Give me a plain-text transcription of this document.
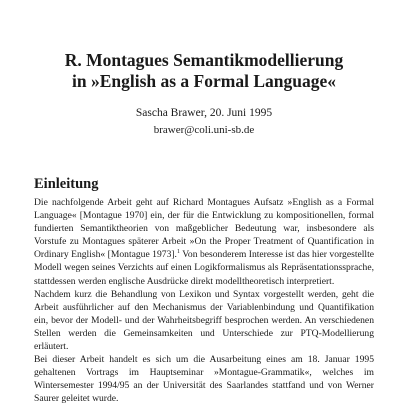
R. Montagues Semantikmodellierung
in »English as a Formal Language«
Sascha Brawer, 20. Juni 1995
brawer@coli.uni-sb.de
Einleitung
Die nachfolgende Arbeit geht auf Richard Montagues Aufsatz »English as a Formal
Language« [Montague 1970] ein, der für die Entwicklung zu kompositionellen, formal
fundierten Semantiktheorien von maßgeblicher Bedeutung war, insbesondere als
Vorstufe zu Montagues späterer Arbeit »On the Proper Treatment of Quantification in
Ordinary English« [Montague 1973].$^1$ Von besonderem Interesse ist das hier vorgestellte
Modell wegen seines Verzichts auf einen Logikformalismus als Repräsentationssprache,
stattdessen werden englische Ausdrücke direkt modelltheoretisch interpretiert.
Nachdem kurz die Behandlung von Lexikon und Syntax vorgestellt werden, geht die
Arbeit ausführlicher auf den Mechanismus der Variablenbindung und Quantifikation
ein, bevor der Modell- und der Wahrheitsbegriff besprochen werden. An verschiedenen
Stellen werden die Gemeinsamkeiten und Unterschiede zur PTQ-Modellierung
erläutert.
Bei dieser Arbeit handelt es sich um die Ausarbeitung eines am 18. Januar 1995
gehaltenen Vortrags im Hauptseminar »Montague-Grammatik«, welches im
Wintersemester 1994/95 an der Universität des Saarlandes stattfand und von Werner
Saurer geleitet wurde.
